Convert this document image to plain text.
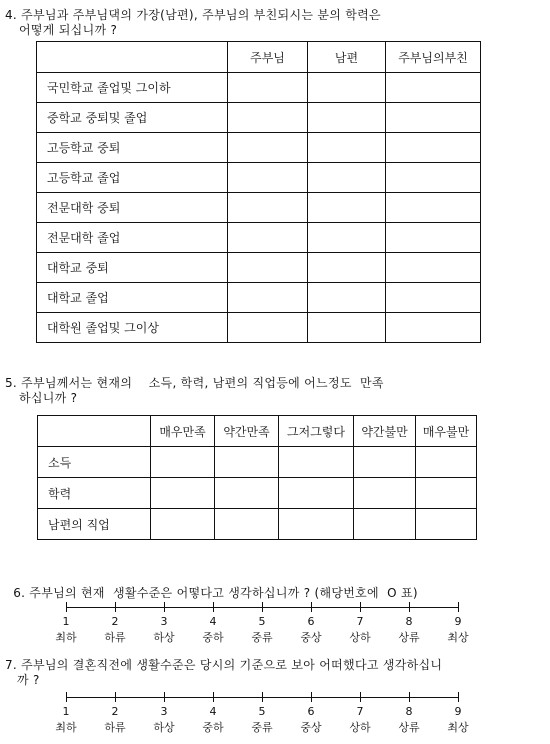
4. 주부님과 주부님댁의 가장(남편), 주부님의 부친되시는 분의 학력은
어떻게 되십니까 ?
	주부님	남편	주부님의부친
국민학교 졸업및 그이하			
중학교 중퇴및 졸업			
고등학교 중퇴			
고등학교 졸업			
전문대학 중퇴			
전문대학 졸업			
대학교 중퇴			
대학교 졸업			
대학원 졸업및 그이상			
5. 주부님께서는 현재의    소득, 학력, 남편의 직업등에 어느정도  만족
하십니까 ?
	매우만족	약간만족	그저그렇다	약간불만	매우불만
소득					
학력					
남편의 직업					

6. 주부님의 현재  생활수준은 어떻다고 생각하십니까 ? (해당번호에  O 표)

1
최하
2
하류
3
하상
4
중하
5
중류
6
중상
7
상하
8
상류
9
최상
7. 주부님의 결혼직전에 생활수준은 당시의 기준으로 보아 어떠했다고 생각하십니
까 ?
1
최하
2
하류
3
하상
4
중하
5
중류
6
중상
7
상하
8
상류
9
최상
